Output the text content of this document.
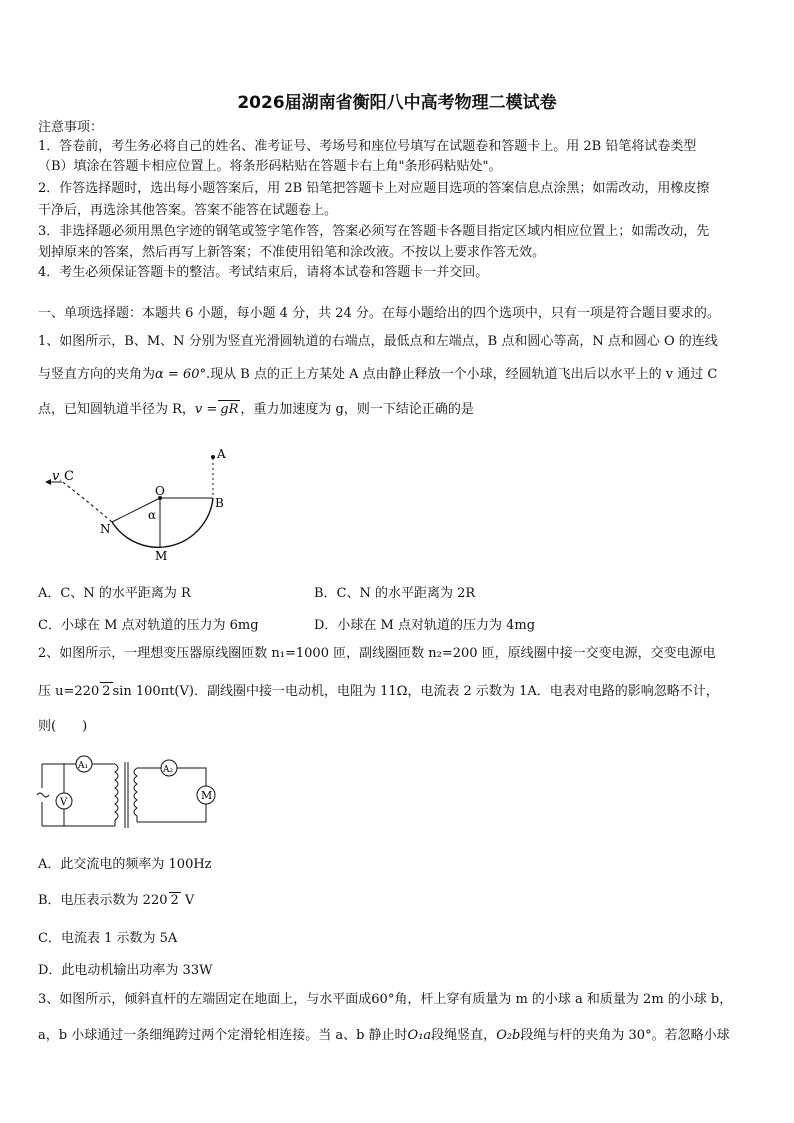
2026届湖南省衡阳八中高考物理二模试卷
注意事项：
1．答卷前，考生务必将自己的姓名、准考证号、考场号和座位号填写在试题卷和答题卡上。用 2B 铅笔将试卷类型
（B）填涂在答题卡相应位置上。将条形码粘贴在答题卡右上角"条形码粘贴处"。
2．作答选择题时，选出每小题答案后，用 2B 铅笔把答题卡上对应题目选项的答案信息点涂黑；如需改动，用橡皮擦
干净后，再选涂其他答案。答案不能答在试题卷上。
3．非选择题必须用黑色字迹的钢笔或签字笔作答，答案必须写在答题卡各题目指定区域内相应位置上；如需改动，先
划掉原来的答案，然后再写上新答案；不准使用铅笔和涂改液。不按以上要求作答无效。
4．考生必须保证答题卡的整洁。考试结束后，请将本试卷和答题卡一并交回。
一、单项选择题：本题共 6 小题，每小题 4 分，共 24 分。在每小题给出的四个选项中，只有一项是符合题目要求的。
1、如图所示，B、M、N 分别为竖直光滑圆轨道的右端点，最低点和左端点，B 点和圆心等高，N 点和圆心 O 的连线
与竖直方向的夹角为α = 60°.现从 B 点的正上方某处 A 点由静止释放一个小球，经圆轨道飞出后以水平上的 v 通过 C
点，已知圆轨道半径为 R，v = gR ，重力加速度为 g，则一下结论正确的是
v C
A
O
B
N
M
α
A．C、N 的水平距离为 R	B．C、N 的水平距离为 2R
C．小球在 M 点对轨道的压力为 6mg	D．小球在 M 点对轨道的压力为 4mg
2、如图所示，一理想变压器原线圈匝数 n₁=1000 匝，副线圈匝数 n₂=200 匝，原线圈中接一交变电源，交变电源电
压 u=220 2 sin 100πt(V)．副线圈中接一电动机，电阻为 11Ω，电流表 2 示数为 1A．电表对电路的影响忽略不计，
则(　　)
V
A₁	A₂
M
A．此交流电的频率为 100Hz
B．电压表示数为 220 2 V
C．电流表 1 示数为 5A
D．此电动机输出功率为 33W
3、如图所示，倾斜直杆的左端固定在地面上，与水平面成60°角，杆上穿有质量为 m 的小球 a 和质量为 2m 的小球 b，
a，b 小球通过一条细绳跨过两个定滑轮相连接。当 a、b 静止时O₁a段绳竖直，O₂b段绳与杆的夹角为 30°。若忽略小球
